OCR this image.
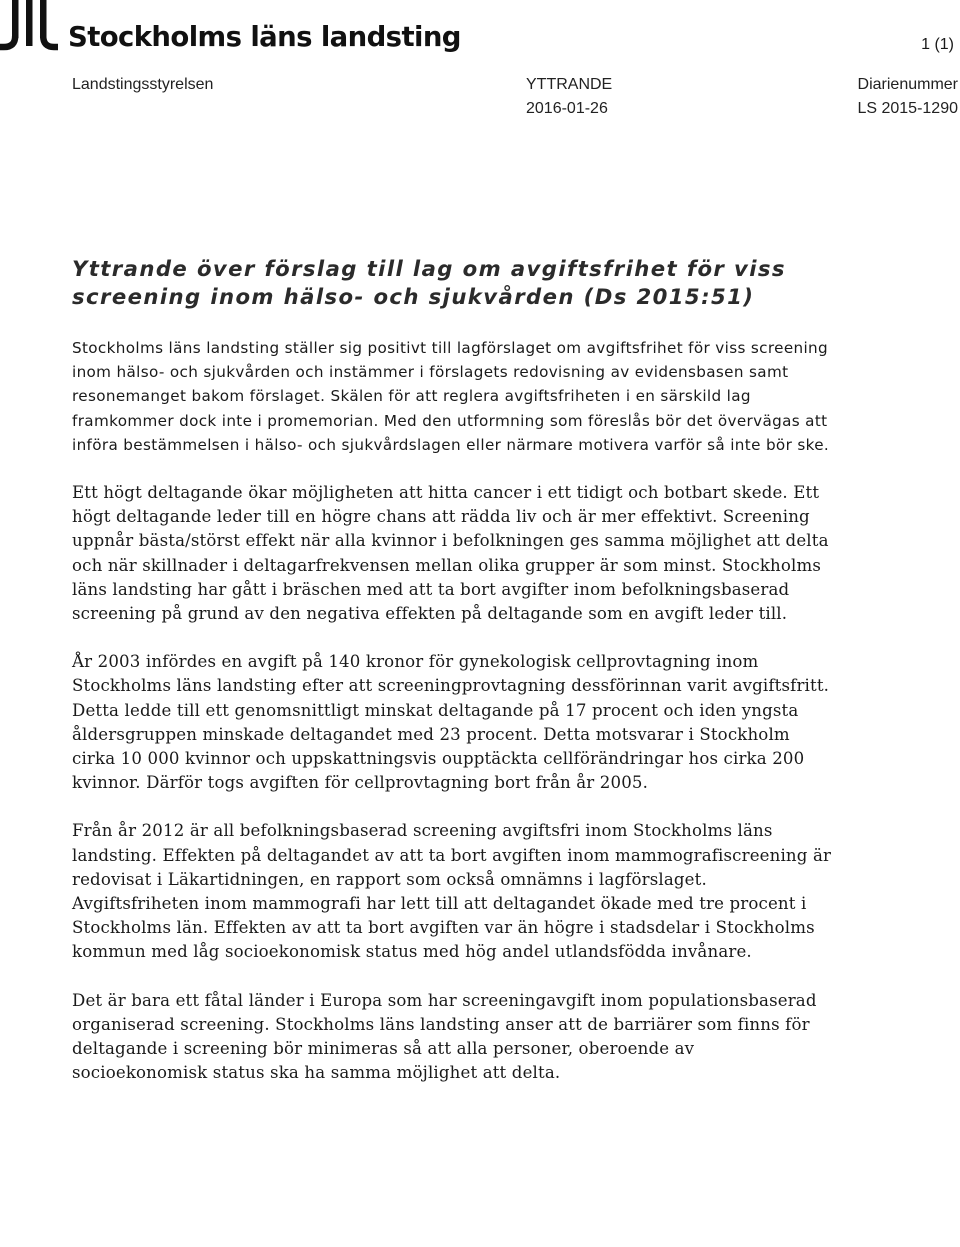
Stockholms läns landsting	1 (1)
Landstingsstyrelsen	YTTRANDE
2016-01-26
Diarienummer
LS 2015-1290
Yttrande över förslag till lag om avgiftsfrihet för viss screening inom hälso- och sjukvården (Ds 2015:51)

Stockholms läns landsting ställer sig positivt till lagförslaget om avgiftsfrihet för viss screening inom hälso- och sjukvården och instämmer i förslagets redovisning av evidensbasen samt resonemanget bakom förslaget. Skälen för att reglera avgiftsfriheten i en särskild lag framkommer dock inte i promemorian. Med den utformning som föreslås bör det övervägas att införa bestämmelsen i hälso- och sjukvårdslagen eller närmare motivera varför så inte bör ske.

Ett högt deltagande ökar möjligheten att hitta cancer i ett tidigt och botbart skede. Ett högt deltagande leder till en högre chans att rädda liv och är mer effektivt. Screening uppnår bästa/störst effekt när alla kvinnor i befolkningen ges samma möjlighet att delta och när skillnader i deltagarfrekvensen mellan olika grupper är som minst. Stockholms läns landsting har gått i bräschen med att ta bort avgifter inom befolkningsbaserad screening på grund av den negativa effekten på deltagande som en avgift leder till.

År 2003 infördes en avgift på 140 kronor för gynekologisk cellprovtagning inom Stockholms läns landsting efter att screeningprovtagning dessförinnan varit avgiftsfritt. Detta ledde till ett genomsnittligt minskat deltagande på 17 procent och iden yngsta åldersgruppen minskade deltagandet med 23 procent. Detta motsvarar i Stockholm cirka 10 000 kvinnor och uppskattningsvis oupptäckta cellförändringar hos cirka 200 kvinnor. Därför togs avgiften för cellprovtagning bort från år 2005.

Från år 2012 är all befolkningsbaserad screening avgiftsfri inom Stockholms läns landsting. Effekten på deltagandet av att ta bort avgiften inom mammografiscreening är redovisat i Läkartidningen, en rapport som också omnämns i lagförslaget. Avgiftsfriheten inom mammografi har lett till att deltagandet ökade med tre procent i Stockholms län. Effekten av att ta bort avgiften var än högre i stadsdelar i Stockholms kommun med låg socioekonomisk status med hög andel utlandsfödda invånare.

Det är bara ett fåtal länder i Europa som har screeningavgift inom populationsbaserad organiserad screening. Stockholms läns landsting anser att de barriärer som finns för deltagande i screening bör minimeras så att alla personer, oberoende av socioekonomisk status ska ha samma möjlighet att delta.
